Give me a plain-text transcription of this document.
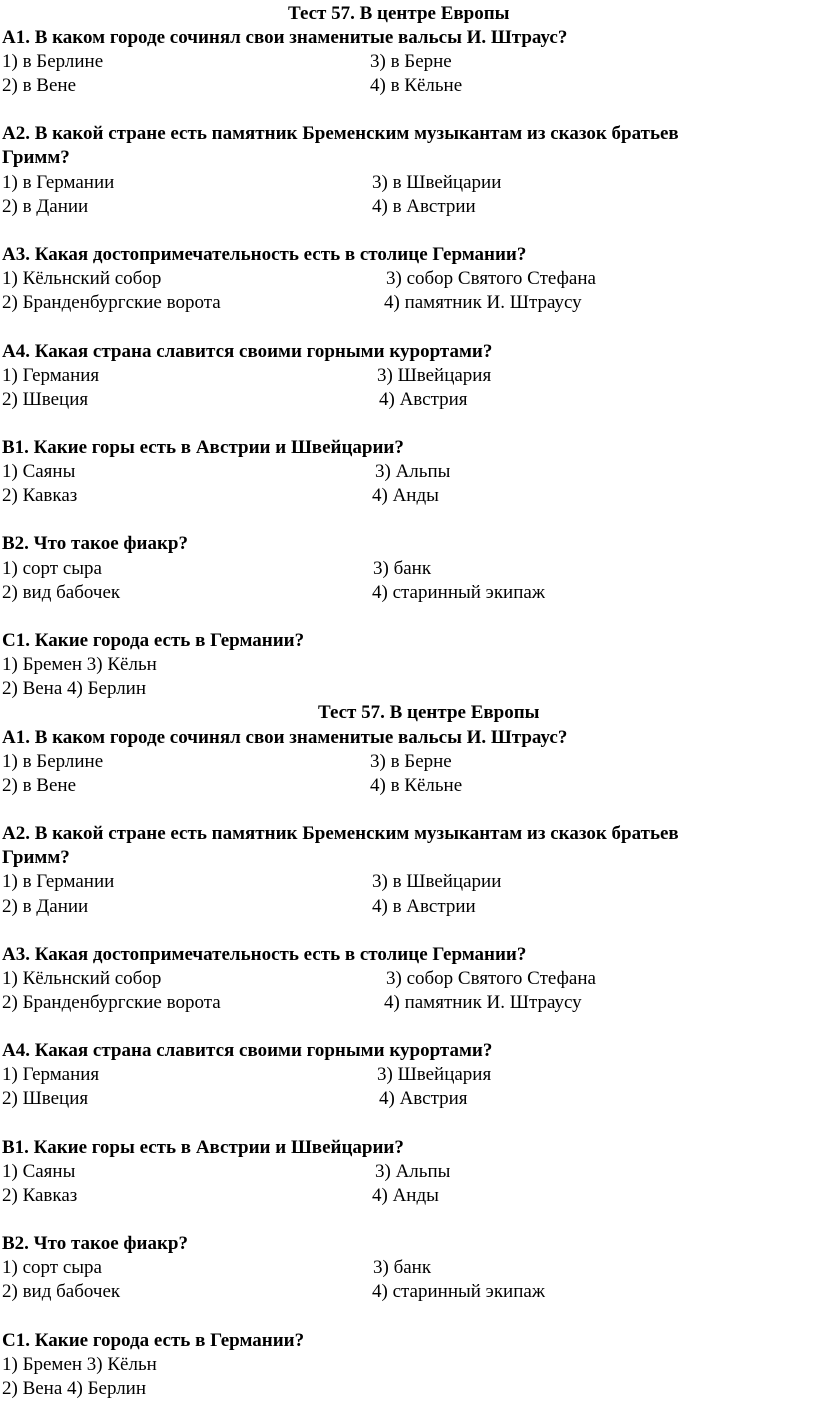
Тест 57. В центре Европы
А1. В каком городе сочинял свои знаменитые вальсы И. Штраус?
1) в Берлине	3) в Берне
2) в Вене	4) в Кёльне
А2. В какой стране есть памятник Бременским музыкантам из сказок братьев
Гримм?
1) в Германии	3) в Швейцарии
2) в Дании	4) в Австрии
А3. Какая достопримечательность есть в столице Германии?
1) Кёльнский собор	3) собор Святого Стефана
2) Бранденбургские ворота	4) памятник И. Штраусу
А4. Какая страна славится своими горными курортами?
1) Германия	3) Швейцария
2) Швеция	4) Австрия
В1. Какие горы есть в Австрии и Швейцарии?
1) Саяны	3) Альпы
2) Кавказ	4) Анды
В2. Что такое фиакр?
1) сорт сыра	3) банк
2) вид бабочек	4) старинный экипаж
С1. Какие города есть в Германии?
1) Бремен 3) Кёльн
2) Вена 4) Берлин
Тест 57. В центре Европы
А1. В каком городе сочинял свои знаменитые вальсы И. Штраус?
1) в Берлине	3) в Берне
2) в Вене	4) в Кёльне
А2. В какой стране есть памятник Бременским музыкантам из сказок братьев
Гримм?
1) в Германии	3) в Швейцарии
2) в Дании	4) в Австрии
А3. Какая достопримечательность есть в столице Германии?
1) Кёльнский собор	3) собор Святого Стефана
2) Бранденбургские ворота	4) памятник И. Штраусу
А4. Какая страна славится своими горными курортами?
1) Германия	3) Швейцария
2) Швеция	4) Австрия
В1. Какие горы есть в Австрии и Швейцарии?
1) Саяны	3) Альпы
2) Кавказ	4) Анды
В2. Что такое фиакр?
1) сорт сыра	3) банк
2) вид бабочек	4) старинный экипаж
С1. Какие города есть в Германии?
1) Бремен 3) Кёльн
2) Вена 4) Берлин
